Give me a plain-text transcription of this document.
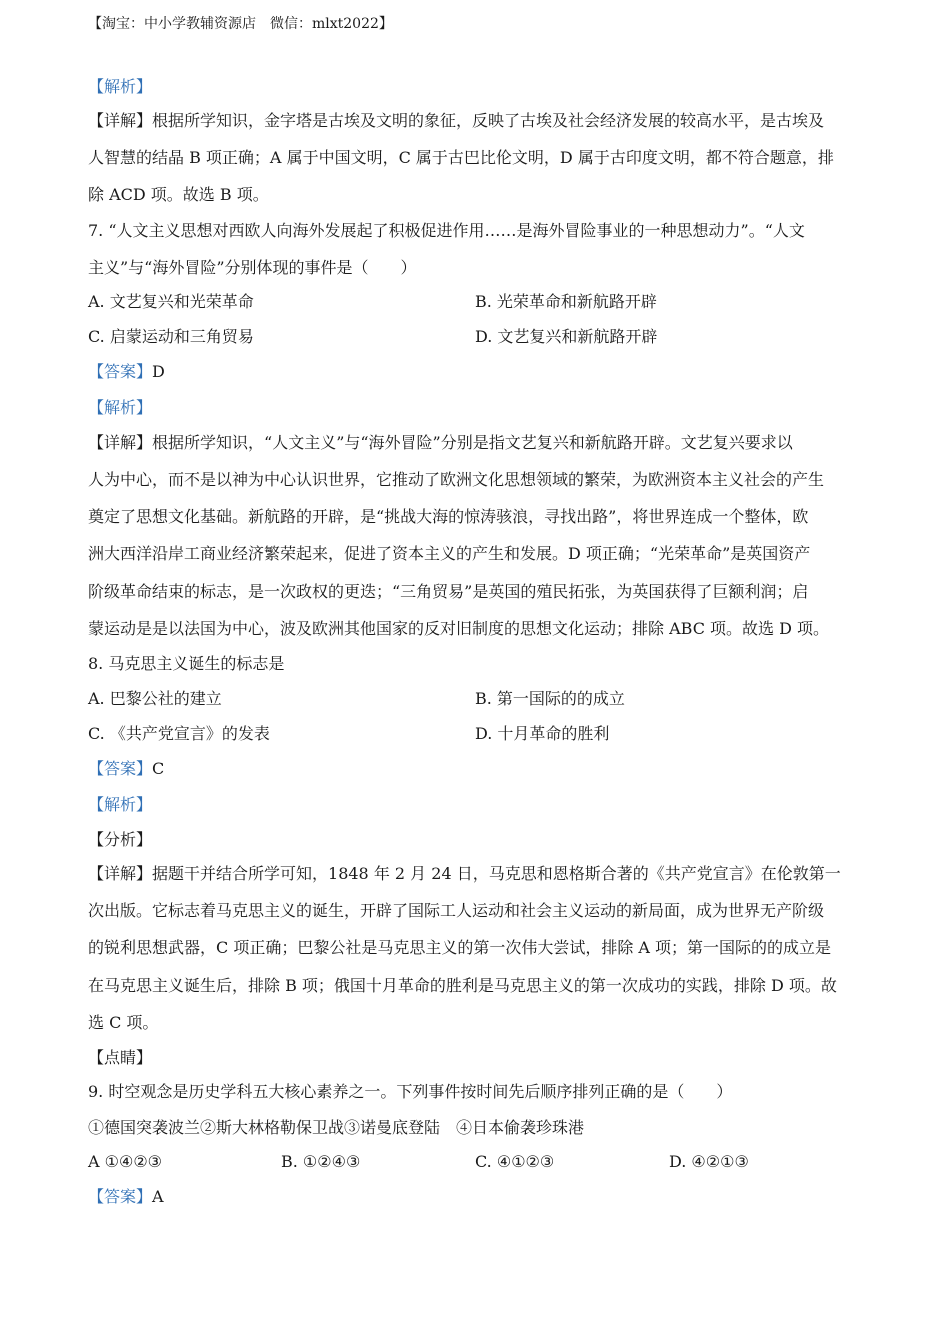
【淘宝：中小学教辅资源店　微信：mlxt2022】
【解析】
【详解】根据所学知识，金字塔是古埃及文明的象征，反映了古埃及社会经济发展的较高水平，是古埃及
人智慧的结晶 B 项正确；A 属于中国文明，C 属于古巴比伦文明，D 属于古印度文明，都不符合题意，排
除 ACD 项。故选 B 项。
7. “人文主义思想对西欧人向海外发展起了积极促进作用……是海外冒险事业的一种思想动力”。“人文
主义”与“海外冒险”分别体现的事件是（　　）
A. 文艺复兴和光荣革命	B. 光荣革命和新航路开辟
C. 启蒙运动和三角贸易	D. 文艺复兴和新航路开辟
【答案】D
【解析】
【详解】根据所学知识，“人文主义”与“海外冒险”分别是指文艺复兴和新航路开辟。文艺复兴要求以
人为中心，而不是以神为中心认识世界，它推动了欧洲文化思想领域的繁荣，为欧洲资本主义社会的产生
奠定了思想文化基础。新航路的开辟，是“挑战大海的惊涛骇浪，寻找出路”，将世界连成一个整体，欧
洲大西洋沿岸工商业经济繁荣起来，促进了资本主义的产生和发展。D 项正确；“光荣革命”是英国资产
阶级革命结束的标志，是一次政权的更迭；“三角贸易”是英国的殖民拓张，为英国获得了巨额利润；启
蒙运动是是以法国为中心，波及欧洲其他国家的反对旧制度的思想文化运动；排除 ABC 项。故选 D 项。
8. 马克思主义诞生的标志是
A. 巴黎公社的建立	B. 第一国际的的成立
C. 《共产党宣言》的发表	D. 十月革命的胜利
【答案】C
【解析】
【分析】
【详解】据题干并结合所学可知，1848 年 2 月 24 日，马克思和恩格斯合著的《共产党宣言》在伦敦第一
次出版。它标志着马克思主义的诞生，开辟了国际工人运动和社会主义运动的新局面，成为世界无产阶级
的锐利思想武器，C 项正确；巴黎公社是马克思主义的第一次伟大尝试，排除 A 项；第一国际的的成立是
在马克思主义诞生后，排除 B 项；俄国十月革命的胜利是马克思主义的第一次成功的实践，排除 D 项。故
选 C 项。
【点睛】
9. 时空观念是历史学科五大核心素养之一。下列事件按时间先后顺序排列正确的是（　　）
①德国突袭波兰②斯大林格勒保卫战③诺曼底登陆　④日本偷袭珍珠港
A ①④②③	B. ①②④③	C. ④①②③	D. ④②①③
【答案】A
